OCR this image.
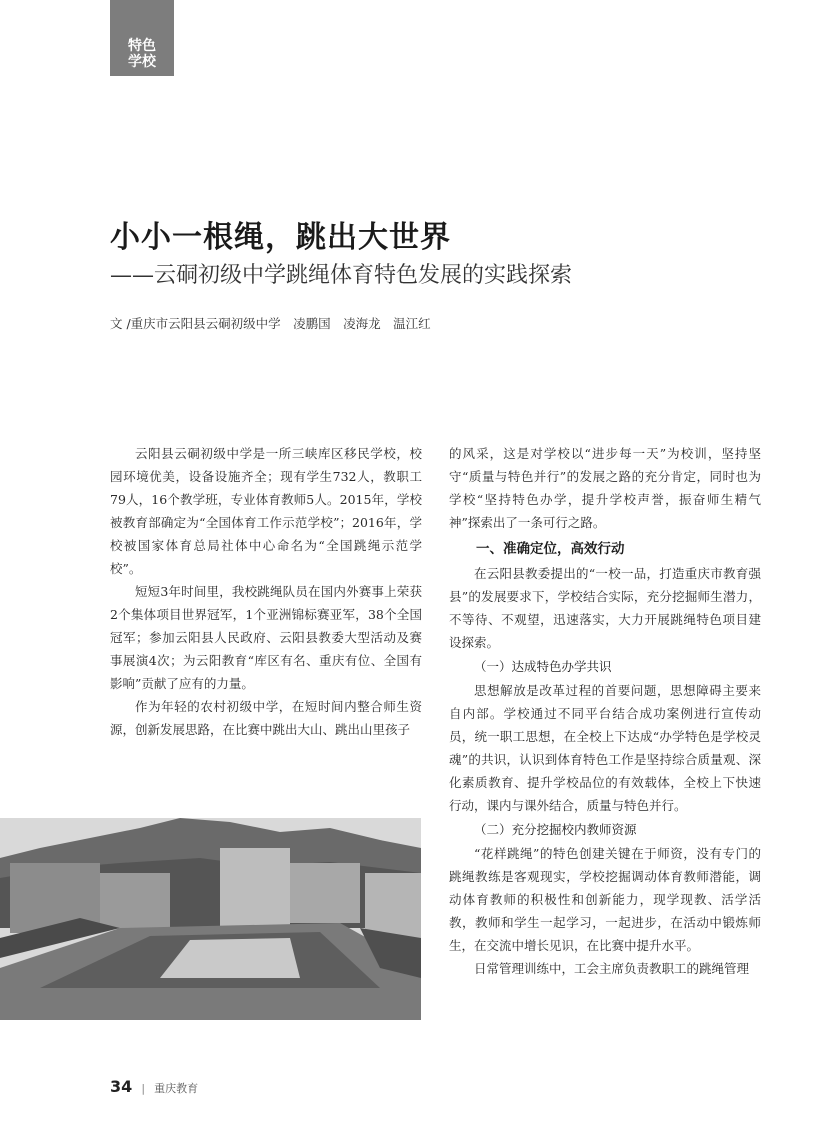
特色
学校
小小一根绳，跳出大世界
——云硐初级中学跳绳体育特色发展的实践探索
文 /重庆市云阳县云硐初级中学　凌鹏国　凌海龙　温江红

云阳县云硐初级中学是一所三峡库区移民学校，校园环境优美，设备设施齐全；现有学生732人，教职工79人，16个教学班，专业体育教师5人。2015年，学校被教育部确定为“全国体育工作示范学校”；2016年，学校被国家体育总局社体中心命名为“全国跳绳示范学校”。

短短3年时间里，我校跳绳队员在国内外赛事上荣获2个集体项目世界冠军，1个亚洲锦标赛亚军，38个全国冠军；参加云阳县人民政府、云阳县教委大型活动及赛事展演4次；为云阳教育“库区有名、重庆有位、全国有影响”贡献了应有的力量。

作为年轻的农村初级中学，在短时间内整合师生资源，创新发展思路，在比赛中跳出大山、跳出山里孩子

的风采，这是对学校以“进步每一天”为校训，坚持坚守“质量与特色并行”的发展之路的充分肯定，同时也为学校“坚持特色办学，提升学校声誉，振奋师生精气神”探索出了一条可行之路。

一、准确定位，高效行动

在云阳县教委提出的“一校一品，打造重庆市教育强县”的发展要求下，学校结合实际，充分挖掘师生潜力，不等待、不观望，迅速落实，大力开展跳绳特色项目建设探索。

（一）达成特色办学共识

思想解放是改革过程的首要问题，思想障碍主要来自内部。学校通过不同平台结合成功案例进行宣传动员，统一职工思想，在全校上下达成“办学特色是学校灵魂”的共识，认识到体育特色工作是坚持综合质量观、深化素质教育、提升学校品位的有效载体，全校上下快速行动，课内与课外结合，质量与特色并行。

（二）充分挖掘校内教师资源

“花样跳绳”的特色创建关键在于师资，没有专门的跳绳教练是客观现实，学校挖掘调动体育教师潜能，调动体育教师的积极性和创新能力，现学现教、活学活教，教师和学生一起学习，一起进步，在活动中锻炼师生，在交流中增长见识，在比赛中提升水平。

日常管理训练中，工会主席负责教职工的跳绳管理

34 | 重庆教育
